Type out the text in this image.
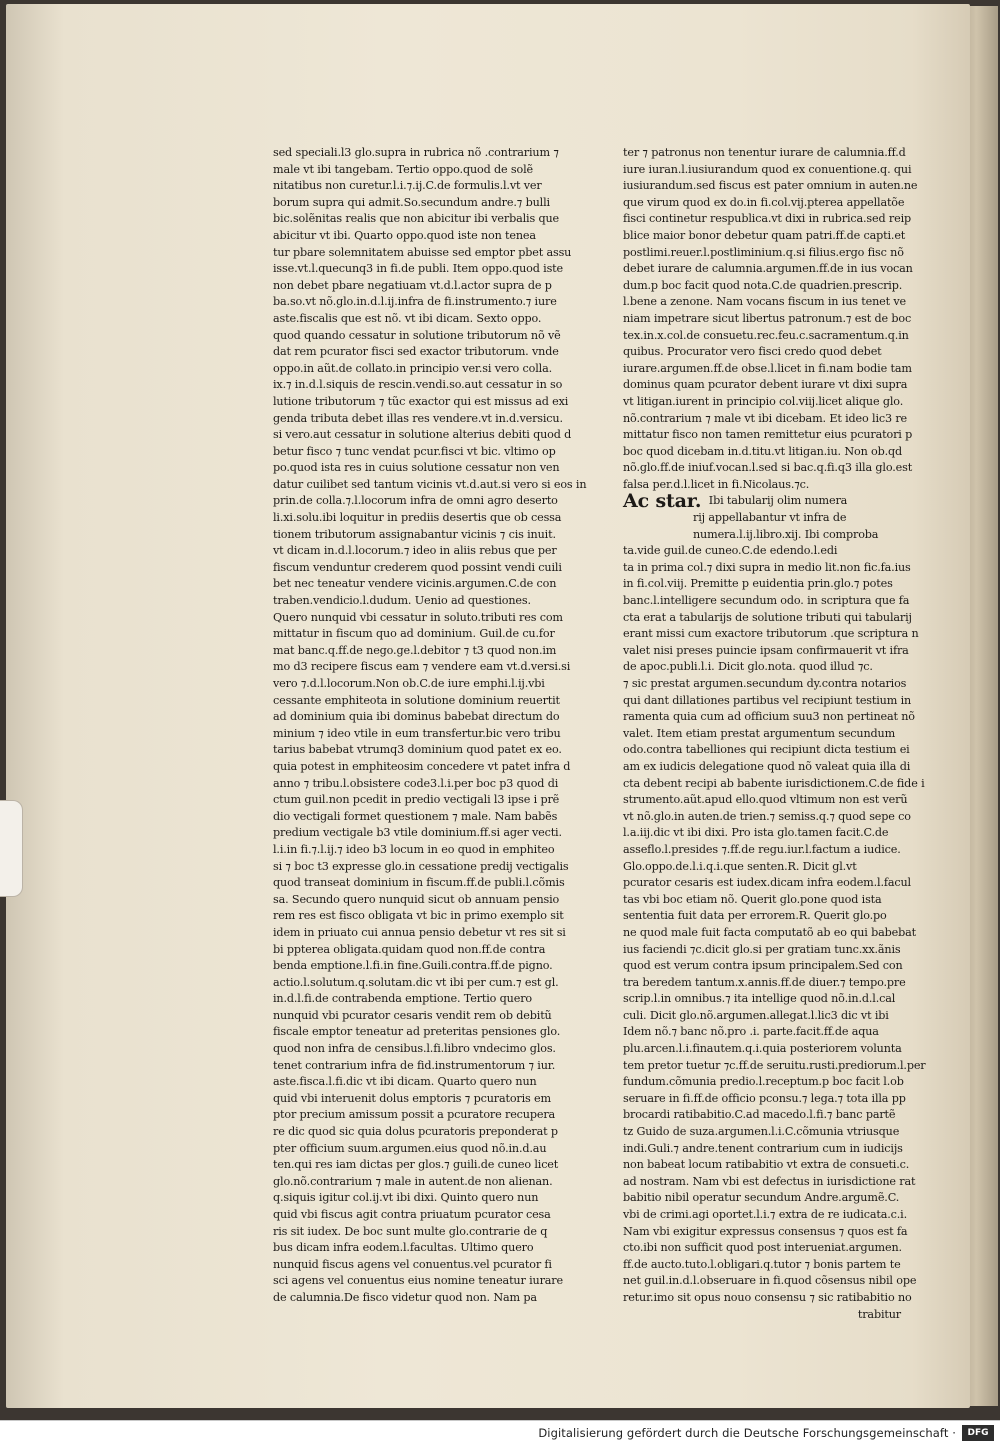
sed speciali.l3 glo.supra in rubrica nõ .contrarium ⁊
male vt ibi tangebam. Tertio oppo.quod de solẽ
nitatibus non curetur.l.i.⁊.ij.C.de formulis.l.vt ver
borum supra qui admit.So.secundum andre.⁊ bulli
bic.solẽnitas realis que non abicitur ibi verbalis que
abicitur vt ibi. Quarto oppo.quod iste non tenea
tur pbare solemnitatem abuisse sed emptor pbet assu
isse.vt.l.quecunq3 in fi.de publi. Item oppo.quod iste
non debet pbare negatiuam vt.d.l.actor supra de p
ba.so.vt nõ.glo.in.d.l.ij.infra de fi.instrumento.⁊ iure
aste.fiscalis que est nõ. vt ibi dicam. Sexto oppo.
quod quando cessatur in solutione tributorum nõ vẽ
dat rem pcurator fisci sed exactor tributorum. vnde
oppo.in aũt.de collato.in principio ver.si vero colla.
ix.⁊ in.d.l.siquis de rescin.vendi.so.aut cessatur in so
lutione tributorum ⁊ tũc exactor qui est missus ad exi
genda tributa debet illas res vendere.vt in.d.versicu.
si vero.aut cessatur in solutione alterius debiti quod d
betur fisco ⁊ tunc vendat pcur.fisci vt bic. vltimo op
po.quod ista res in cuius solutione cessatur non ven
datur cuilibet sed tantum vicinis vt.d.aut.si vero si eos in
prin.de colla.⁊.l.locorum infra de omni agro deserto
li.xi.solu.ibi loquitur in prediis desertis que ob cessa
tionem tributorum assignabantur vicinis ⁊ cis inuit.
vt dicam in.d.l.locorum.⁊ ideo in aliis rebus que per
fiscum venduntur crederem quod possint vendi cuili
bet nec teneatur vendere vicinis.argumen.C.de con
traben.vendicio.l.dudum. Uenio ad questiones.
Quero nunquid vbi cessatur in soluto.tributi res com
mittatur in fiscum quo ad dominium. Guil.de cu.for
mat banc.q.ff.de nego.ge.l.debitor ⁊ t3 quod non.im
mo d3 recipere fiscus eam ⁊ vendere eam vt.d.versi.si
vero ⁊.d.l.locorum.Non ob.C.de iure emphi.l.ij.vbi
cessante emphiteota in solutione dominium reuertit
ad dominium quia ibi dominus babebat directum do
minium ⁊ ideo vtile in eum transfertur.bic vero tribu
tarius babebat vtrumq3 dominium quod patet ex eo.
quia potest in emphiteosim concedere vt patet infra d
anno ⁊ tribu.l.obsistere code3.l.i.per boc p3 quod di
ctum guil.non pcedit in predio vectigali l3 ipse i prẽ
dio vectigali formet questionem ⁊ male. Nam babẽs
predium vectigale b3 vtile dominium.ff.si ager vecti.
l.i.in fi.⁊.l.ij.⁊ ideo b3 locum in eo quod in emphiteo
si ⁊ boc t3 expresse glo.in cessatione predij vectigalis
quod transeat dominium in fiscum.ff.de publi.l.cõmis
sa. Secundo quero nunquid sicut ob annuam pensio
rem res est fisco obligata vt bic in primo exemplo sit
idem in priuato cui annua pensio debetur vt res sit si
bi ppterea obligata.quidam quod non.ff.de contra
benda emptione.l.fi.in fine.Guili.contra.ff.de pigno.
actio.l.solutum.q.solutam.dic vt ibi per cum.⁊ est gl.
in.d.l.fi.de contrabenda emptione. Tertio quero
nunquid vbi pcurator cesaris vendit rem ob debitũ
fiscale emptor teneatur ad preteritas pensiones glo.
quod non infra de censibus.l.fi.libro vndecimo glos.
tenet contrarium infra de fid.instrumentorum ⁊ iur.
aste.fisca.l.fi.dic vt ibi dicam. Quarto quero nun
quid vbi interuenit dolus emptoris ⁊ pcuratoris em
ptor precium amissum possit a pcuratore recupera
re dic quod sic quia dolus pcuratoris preponderat p
pter officium suum.argumen.eius quod nõ.in.d.au
ten.qui res iam dictas per glos.⁊ guili.de cuneo licet
glo.nõ.contrarium ⁊ male in autent.de non alienan.
q.siquis igitur col.ij.vt ibi dixi. Quinto quero nun
quid vbi fiscus agit contra priuatum pcurator cesa
ris sit iudex. De boc sunt multe glo.contrarie de q
bus dicam infra eodem.l.facultas. Ultimo quero
nunquid fiscus agens vel conuentus.vel pcurator fi
sci agens vel conuentus eius nomine teneatur iurare
de calumnia.De fisco videtur quod non. Nam pa
ter ⁊ patronus non tenentur iurare de calumnia.ff.d
iure iuran.l.iusiurandum quod ex conuentione.q. qui
iusiurandum.sed fiscus est pater omnium in auten.ne
que virum quod ex do.in fi.col.vij.pterea appellatõe
fisci continetur respublica.vt dixi in rubrica.sed reip
blice maior bonor debetur quam patri.ff.de capti.et
postlimi.reuer.l.postliminium.q.si filius.ergo fisc nõ
debet iurare de calumnia.argumen.ff.de in ius vocan
dum.p boc facit quod nota.C.de quadrien.prescrip.
l.bene a zenone. Nam vocans fiscum in ius tenet ve
niam impetrare sicut libertus patronum.⁊ est de boc
tex.in.x.col.de consuetu.rec.feu.c.sacramentum.q.in
quibus. Procurator vero fisci credo quod debet
iurare.argumen.ff.de obse.l.licet in fi.nam bodie tam
dominus quam pcurator debent iurare vt dixi supra
vt litigan.iurent in principio col.viij.licet alique glo.
nõ.contrarium ⁊ male vt ibi dicebam. Et ideo lic3 re
mittatur fisco non tamen remittetur eius pcuratori p
boc quod dicebam in.d.titu.vt litigan.iu. Non ob.qd
nõ.glo.ff.de iniuf.vocan.l.sed si bac.q.fi.q3 illa glo.est
falsa per.d.l.licet in fi.Nicolaus.⁊c.
Ac star. Ibi tabularij olim numera
rij appellabantur vt infra de
numera.l.ij.libro.xij. Ibi comproba
ta.vide guil.de cuneo.C.de edendo.l.edi
ta in prima col.⁊ dixi supra in medio lit.non fic.fa.ius
in fi.col.viij. Premitte p euidentia prin.glo.⁊ potes
banc.l.intelligere secundum odo. in scriptura que fa
cta erat a tabularijs de solutione tributi qui tabularij
erant missi cum exactore tributorum .que scriptura n
valet nisi preses puincie ipsam confirmauerit vt ifra
de apoc.publi.l.i. Dicit glo.nota. quod illud ⁊c.
⁊ sic prestat argumen.secundum dy.contra notarios
qui dant dillationes partibus vel recipiunt testium in
ramenta quia cum ad officium suu3 non pertineat nõ
valet. Item etiam prestat argumentum secundum
odo.contra tabelliones qui recipiunt dicta testium ei
am ex iudicis delegatione quod nõ valeat quia illa di
cta debent recipi ab babente iurisdictionem.C.de fide i
strumento.aũt.apud ello.quod vltimum non est verũ
vt nõ.glo.in auten.de trien.⁊ semiss.q.⁊ quod sepe co
l.a.iij.dic vt ibi dixi. Pro ista glo.tamen facit.C.de
asseflo.l.presides ⁊.ff.de regu.iur.l.factum a iudice.
Glo.oppo.de.l.i.q.i.que senten.R. Dicit gl.vt
pcurator cesaris est iudex.dicam infra eodem.l.facul
tas vbi boc etiam nõ. Querit glo.pone quod ista
sententia fuit data per errorem.R. Querit glo.po
ne quod male fuit facta computatõ ab eo qui babebat
ius faciendi ⁊c.dicit glo.si per gratiam tunc.xx.ãnis
quod est verum contra ipsum principalem.Sed con
tra beredem tantum.x.annis.ff.de diuer.⁊ tempo.pre
scrip.l.in omnibus.⁊ ita intellige quod nõ.in.d.l.cal
culi. Dicit glo.nõ.argumen.allegat.l.lic3 dic vt ibi
Idem nõ.⁊ banc nõ.pro .i. parte.facit.ff.de aqua
plu.arcen.l.i.finautem.q.i.quia posteriorem volunta
tem pretor tuetur ⁊c.ff.de seruitu.rusti.prediorum.l.per
fundum.cõmunia predio.l.receptum.p boc facit l.ob
seruare in fi.ff.de officio pconsu.⁊ lega.⁊ tota illa pp
brocardi ratibabitio.C.ad macedo.l.fi.⁊ banc partẽ
tz Guido de suza.argumen.l.i.C.cõmunia vtriusque
indi.Guli.⁊ andre.tenent contrarium cum in iudicijs
non babeat locum ratibabitio vt extra de consueti.c.
ad nostram. Nam vbi est defectus in iurisdictione rat
babitio nibil operatur secundum Andre.argumẽ.C.
vbi de crimi.agi oportet.l.i.⁊ extra de re iudicata.c.i.
Nam vbi exigitur expressus consensus ⁊ quos est fa
cto.ibi non sufficit quod post interueniat.argumen.
ff.de aucto.tuto.l.obligari.q.tutor ⁊ bonis partem te
net guil.in.d.l.obseruare in fi.quod cõsensus nibil ope
retur.imo sit opus nouo consensu ⁊ sic ratibabitio no
trabitur
Digitalisierung gefördert durch die Deutsche Forschungsgemeinschaft ·	DFG
